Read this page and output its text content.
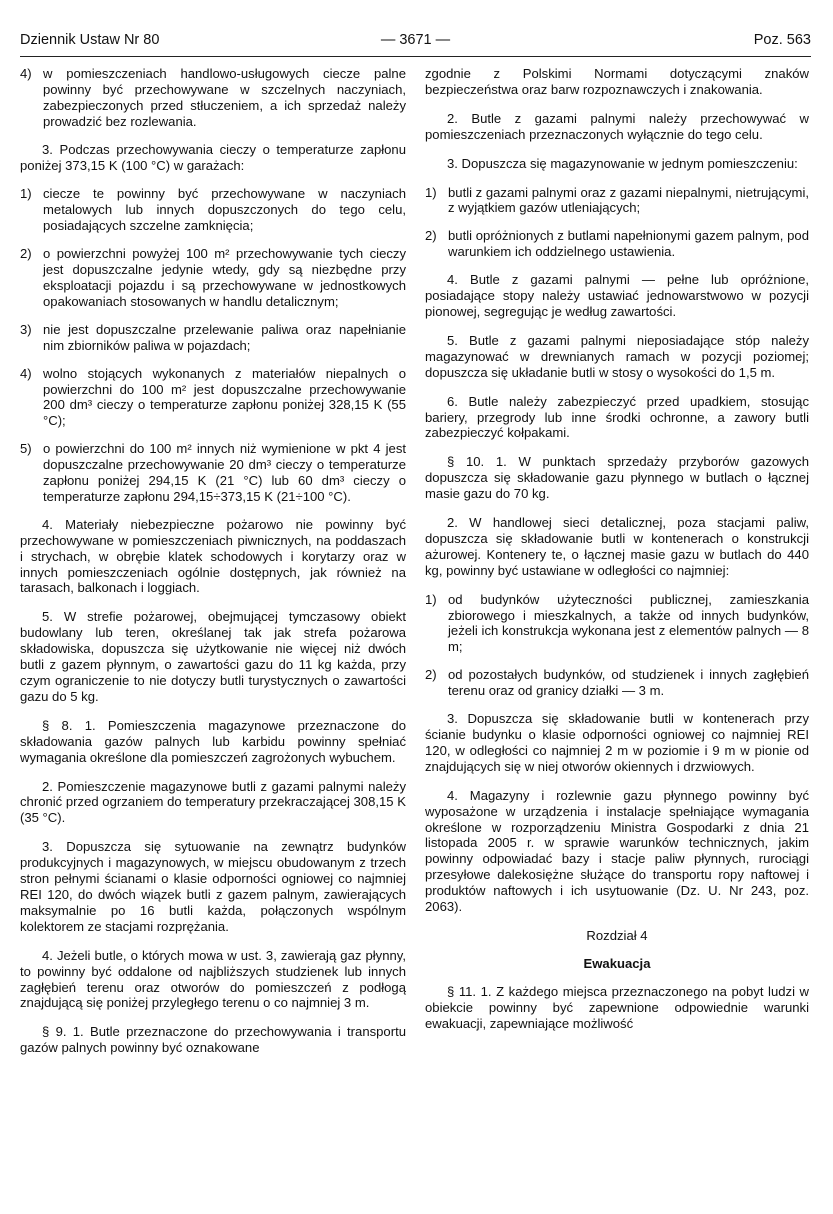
Dziennik Ustaw Nr 80	— 3671 —	Poz. 563
4) w pomieszczeniach handlowo-usługowych ciecze palne powinny być przechowywane w szczelnych naczyniach, zabezpieczonych przed stłuczeniem, a ich sprzedaż należy prowadzić bez rozlewania.

3. Podczas przechowywania cieczy o temperaturze zapłonu poniżej 373,15 K (100 °C) w garażach:

1) ciecze te powinny być przechowywane w naczyniach metalowych lub innych dopuszczonych do tego celu, posiadających szczelne zamknięcia;
2) o powierzchni powyżej 100 m² przechowywanie tych cieczy jest dopuszczalne jedynie wtedy, gdy są niezbędne przy eksploatacji pojazdu i są przechowywane w jednostkowych opakowaniach stosowanych w handlu detalicznym;
3) nie jest dopuszczalne przelewanie paliwa oraz napełnianie nim zbiorników paliwa w pojazdach;
4) wolno stojących wykonanych z materiałów niepalnych o powierzchni do 100 m² jest dopuszczalne przechowywanie 200 dm³ cieczy o temperaturze zapłonu poniżej 328,15 K (55 °C);
5) o powierzchni do 100 m² innych niż wymienione w pkt 4 jest dopuszczalne przechowywanie 20 dm³ cieczy o temperaturze zapłonu poniżej 294,15 K (21 °C) lub 60 dm³ cieczy o temperaturze zapłonu 294,15÷373,15 K (21÷100 °C).

4. Materiały niebezpieczne pożarowo nie powinny być przechowywane w pomieszczeniach piwnicznych, na poddaszach i strychach, w obrębie klatek schodowych i korytarzy oraz w innych pomieszczeniach ogólnie dostępnych, jak również na tarasach, balkonach i loggiach.

5. W strefie pożarowej, obejmującej tymczasowy obiekt budowlany lub teren, określanej tak jak strefa pożarowa składowiska, dopuszcza się użytkowanie nie więcej niż dwóch butli z gazem płynnym, o zawartości gazu do 11 kg każda, przy czym ograniczenie to nie dotyczy butli turystycznych o zawartości gazu do 5 kg.

§ 8. 1. Pomieszczenia magazynowe przeznaczone do składowania gazów palnych lub karbidu powinny spełniać wymagania określone dla pomieszczeń zagrożonych wybuchem.

2. Pomieszczenie magazynowe butli z gazami palnymi należy chronić przed ogrzaniem do temperatury przekraczającej 308,15 K (35 °C).

3. Dopuszcza się sytuowanie na zewnątrz budynków produkcyjnych i magazynowych, w miejscu obudowanym z trzech stron pełnymi ścianami o klasie odporności ogniowej co najmniej REI 120, do dwóch wiązek butli z gazem palnym, zawierających maksymalnie po 16 butli każda, połączonych wspólnym kolektorem ze stacjami rozprężania.

4. Jeżeli butle, o których mowa w ust. 3, zawierają gaz płynny, to powinny być oddalone od najbliższych studzienek lub innych zagłębień terenu oraz otworów do pomieszczeń z podłogą znajdującą się poniżej przyległego terenu o co najmniej 3 m.

§ 9. 1. Butle przeznaczone do przechowywania i transportu gazów palnych powinny być oznakowane

zgodnie z Polskimi Normami dotyczącymi znaków bezpieczeństwa oraz barw rozpoznawczych i znakowania.

2. Butle z gazami palnymi należy przechowywać w pomieszczeniach przeznaczonych wyłącznie do tego celu.

3. Dopuszcza się magazynowanie w jednym pomieszczeniu:

1) butli z gazami palnymi oraz z gazami niepalnymi, nietrującymi, z wyjątkiem gazów utleniających;
2) butli opróżnionych z butlami napełnionymi gazem palnym, pod warunkiem ich oddzielnego ustawienia.

4. Butle z gazami palnymi — pełne lub opróżnione, posiadające stopy należy ustawiać jednowarstwowo w pozycji pionowej, segregując je według zawartości.

5. Butle z gazami palnymi nieposiadające stóp należy magazynować w drewnianych ramach w pozycji poziomej; dopuszcza się układanie butli w stosy o wysokości do 1,5 m.

6. Butle należy zabezpieczyć przed upadkiem, stosując bariery, przegrody lub inne środki ochronne, a zawory butli zabezpieczyć kołpakami.

§ 10. 1. W punktach sprzedaży przyborów gazowych dopuszcza się składowanie gazu płynnego w butlach o łącznej masie gazu do 70 kg.

2. W handlowej sieci detalicznej, poza stacjami paliw, dopuszcza się składowanie butli w kontenerach o konstrukcji ażurowej. Kontenery te, o łącznej masie gazu w butlach do 440 kg, powinny być ustawiane w odległości co najmniej:

1) od budynków użyteczności publicznej, zamieszkania zbiorowego i mieszkalnych, a także od innych budynków, jeżeli ich konstrukcja wykonana jest z elementów palnych — 8 m;
2) od pozostałych budynków, od studzienek i innych zagłębień terenu oraz od granicy działki — 3 m.

3. Dopuszcza się składowanie butli w kontenerach przy ścianie budynku o klasie odporności ogniowej co najmniej REI 120, w odległości co najmniej 2 m w poziomie i 9 m w pionie od znajdujących się w niej otworów okiennych i drzwiowych.

4. Magazyny i rozlewnie gazu płynnego powinny być wyposażone w urządzenia i instalacje spełniające wymagania określone w rozporządzeniu Ministra Gospodarki z dnia 21 listopada 2005 r. w sprawie warunków technicznych, jakim powinny odpowiadać bazy i stacje paliw płynnych, rurociągi przesyłowe dalekosiężne służące do transportu ropy naftowej i produktów naftowych i ich usytuowanie (Dz. U. Nr 243, poz. 2063).

Rozdział 4
Ewakuacja

§ 11. 1. Z każdego miejsca przeznaczonego na pobyt ludzi w obiekcie powinny być zapewnione odpowiednie warunki ewakuacji, zapewniające możliwość
